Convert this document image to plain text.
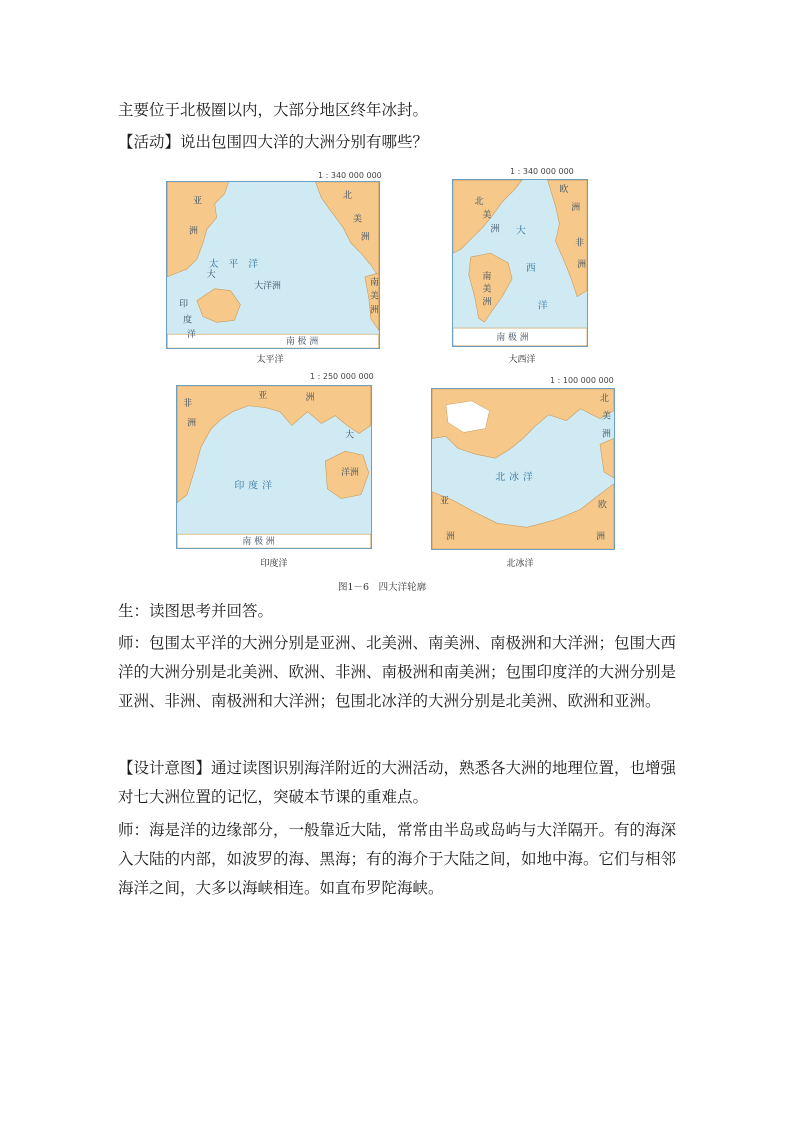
主要位于北极圈以内，大部分地区终年冰封。

【活动】说出包围四大洋的大洲分别有哪些？

1 : 340 000 000
亚
洲
北
美
洲
南
美
洲
太平洋
大
大洋洲
印
度
洋
南 极 洲
太平洋
1 : 340 000 000
北
美
洲
欧
洲
非
洲
南
美
洲
大
西
洋
南 极 洲
大西洋
1 : 250 000 000
亚	洲
非
洲
印度洋
大
洋洲
南 极 洲
印度洋
1 : 100 000 000
北
美
洲
北冰洋
亚
洲
欧
洲
北冰洋
图1－6　四大洋轮廓

生：读图思考并回答。

师：包围太平洋的大洲分别是亚洲、北美洲、南美洲、南极洲和大洋洲；包围大西洋的大洲分别是北美洲、欧洲、非洲、南极洲和南美洲；包围印度洋的大洲分别是亚洲、非洲、南极洲和大洋洲；包围北冰洋的大洲分别是北美洲、欧洲和亚洲。

【设计意图】通过读图识别海洋附近的大洲活动，熟悉各大洲的地理位置，也增强对七大洲位置的记忆，突破本节课的重难点。

师：海是洋的边缘部分，一般靠近大陆，常常由半岛或岛屿与大洋隔开。有的海深入大陆的内部，如波罗的海、黑海；有的海介于大陆之间，如地中海。它们与相邻海洋之间，大多以海峡相连。如直布罗陀海峡。
